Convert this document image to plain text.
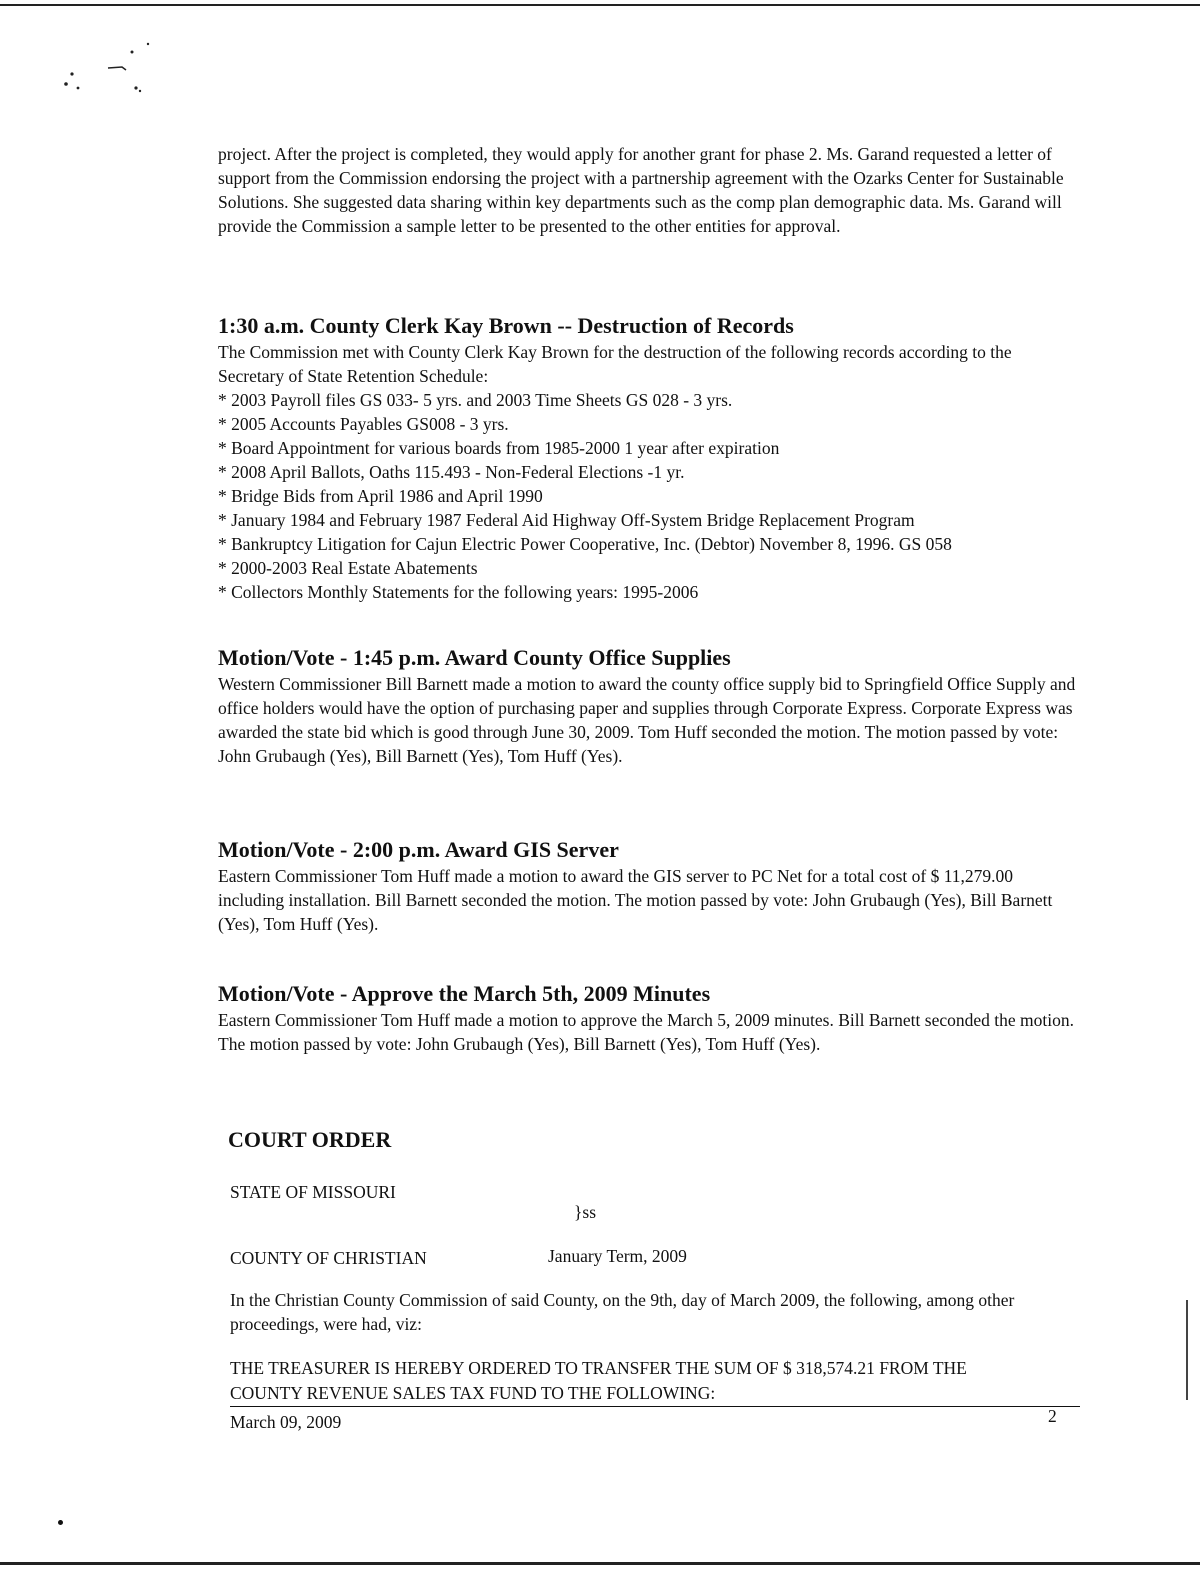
project. After the project is completed, they would apply for another grant for phase 2. Ms. Garand requested a letter of support from the Commission endorsing the project with a partnership agreement with the Ozarks Center for Sustainable Solutions. She suggested data sharing within key departments such as the comp plan demographic data. Ms. Garand will provide the Commission a sample letter to be presented to the other entities for approval.

1:30 a.m. County Clerk Kay Brown -- Destruction of Records

The Commission met with County Clerk Kay Brown for the destruction of the following records according to the Secretary of State Retention Schedule:

* 2003 Payroll files GS 033- 5 yrs. and 2003 Time Sheets GS 028 - 3 yrs.
* 2005 Accounts Payables GS008 - 3 yrs.
* Board Appointment for various boards from 1985-2000 1 year after expiration
* 2008 April Ballots, Oaths 115.493 - Non-Federal Elections -1 yr.
* Bridge Bids from April 1986 and April 1990
* January 1984 and February 1987 Federal Aid Highway Off-System Bridge Replacement Program
* Bankruptcy Litigation for Cajun Electric Power Cooperative, Inc. (Debtor) November 8, 1996. GS 058
* 2000-2003 Real Estate Abatements
* Collectors Monthly Statements for the following years: 1995-2006
Motion/Vote - 1:45 p.m. Award County Office Supplies

Western Commissioner Bill Barnett made a motion to award the county office supply bid to Springfield Office Supply and office holders would have the option of purchasing paper and supplies through Corporate Express. Corporate Express was awarded the state bid which is good through June 30, 2009. Tom Huff seconded the motion. The motion passed by vote: John Grubaugh (Yes), Bill Barnett (Yes), Tom Huff (Yes).

Motion/Vote - 2:00 p.m. Award GIS Server

Eastern Commissioner Tom Huff made a motion to award the GIS server to PC Net for a total cost of $ 11,279.00 including installation. Bill Barnett seconded the motion. The motion passed by vote: John Grubaugh (Yes), Bill Barnett (Yes), Tom Huff (Yes).

Motion/Vote - Approve the March 5th, 2009 Minutes

Eastern Commissioner Tom Huff made a motion to approve the March 5, 2009 minutes. Bill Barnett seconded the motion. The motion passed by vote: John Grubaugh (Yes), Bill Barnett (Yes), Tom Huff (Yes).

COURT ORDER
STATE OF MISSOURI
}ss
COUNTY OF CHRISTIAN	January Term, 2009

In the Christian County Commission of said County, on the 9th, day of March 2009, the following, among other proceedings, were had, viz:

THE TREASURER IS HEREBY ORDERED TO TRANSFER THE SUM OF $ 318,574.21 FROM THE
COUNTY REVENUE SALES TAX FUND TO THE FOLLOWING:
March 09, 2009	2
